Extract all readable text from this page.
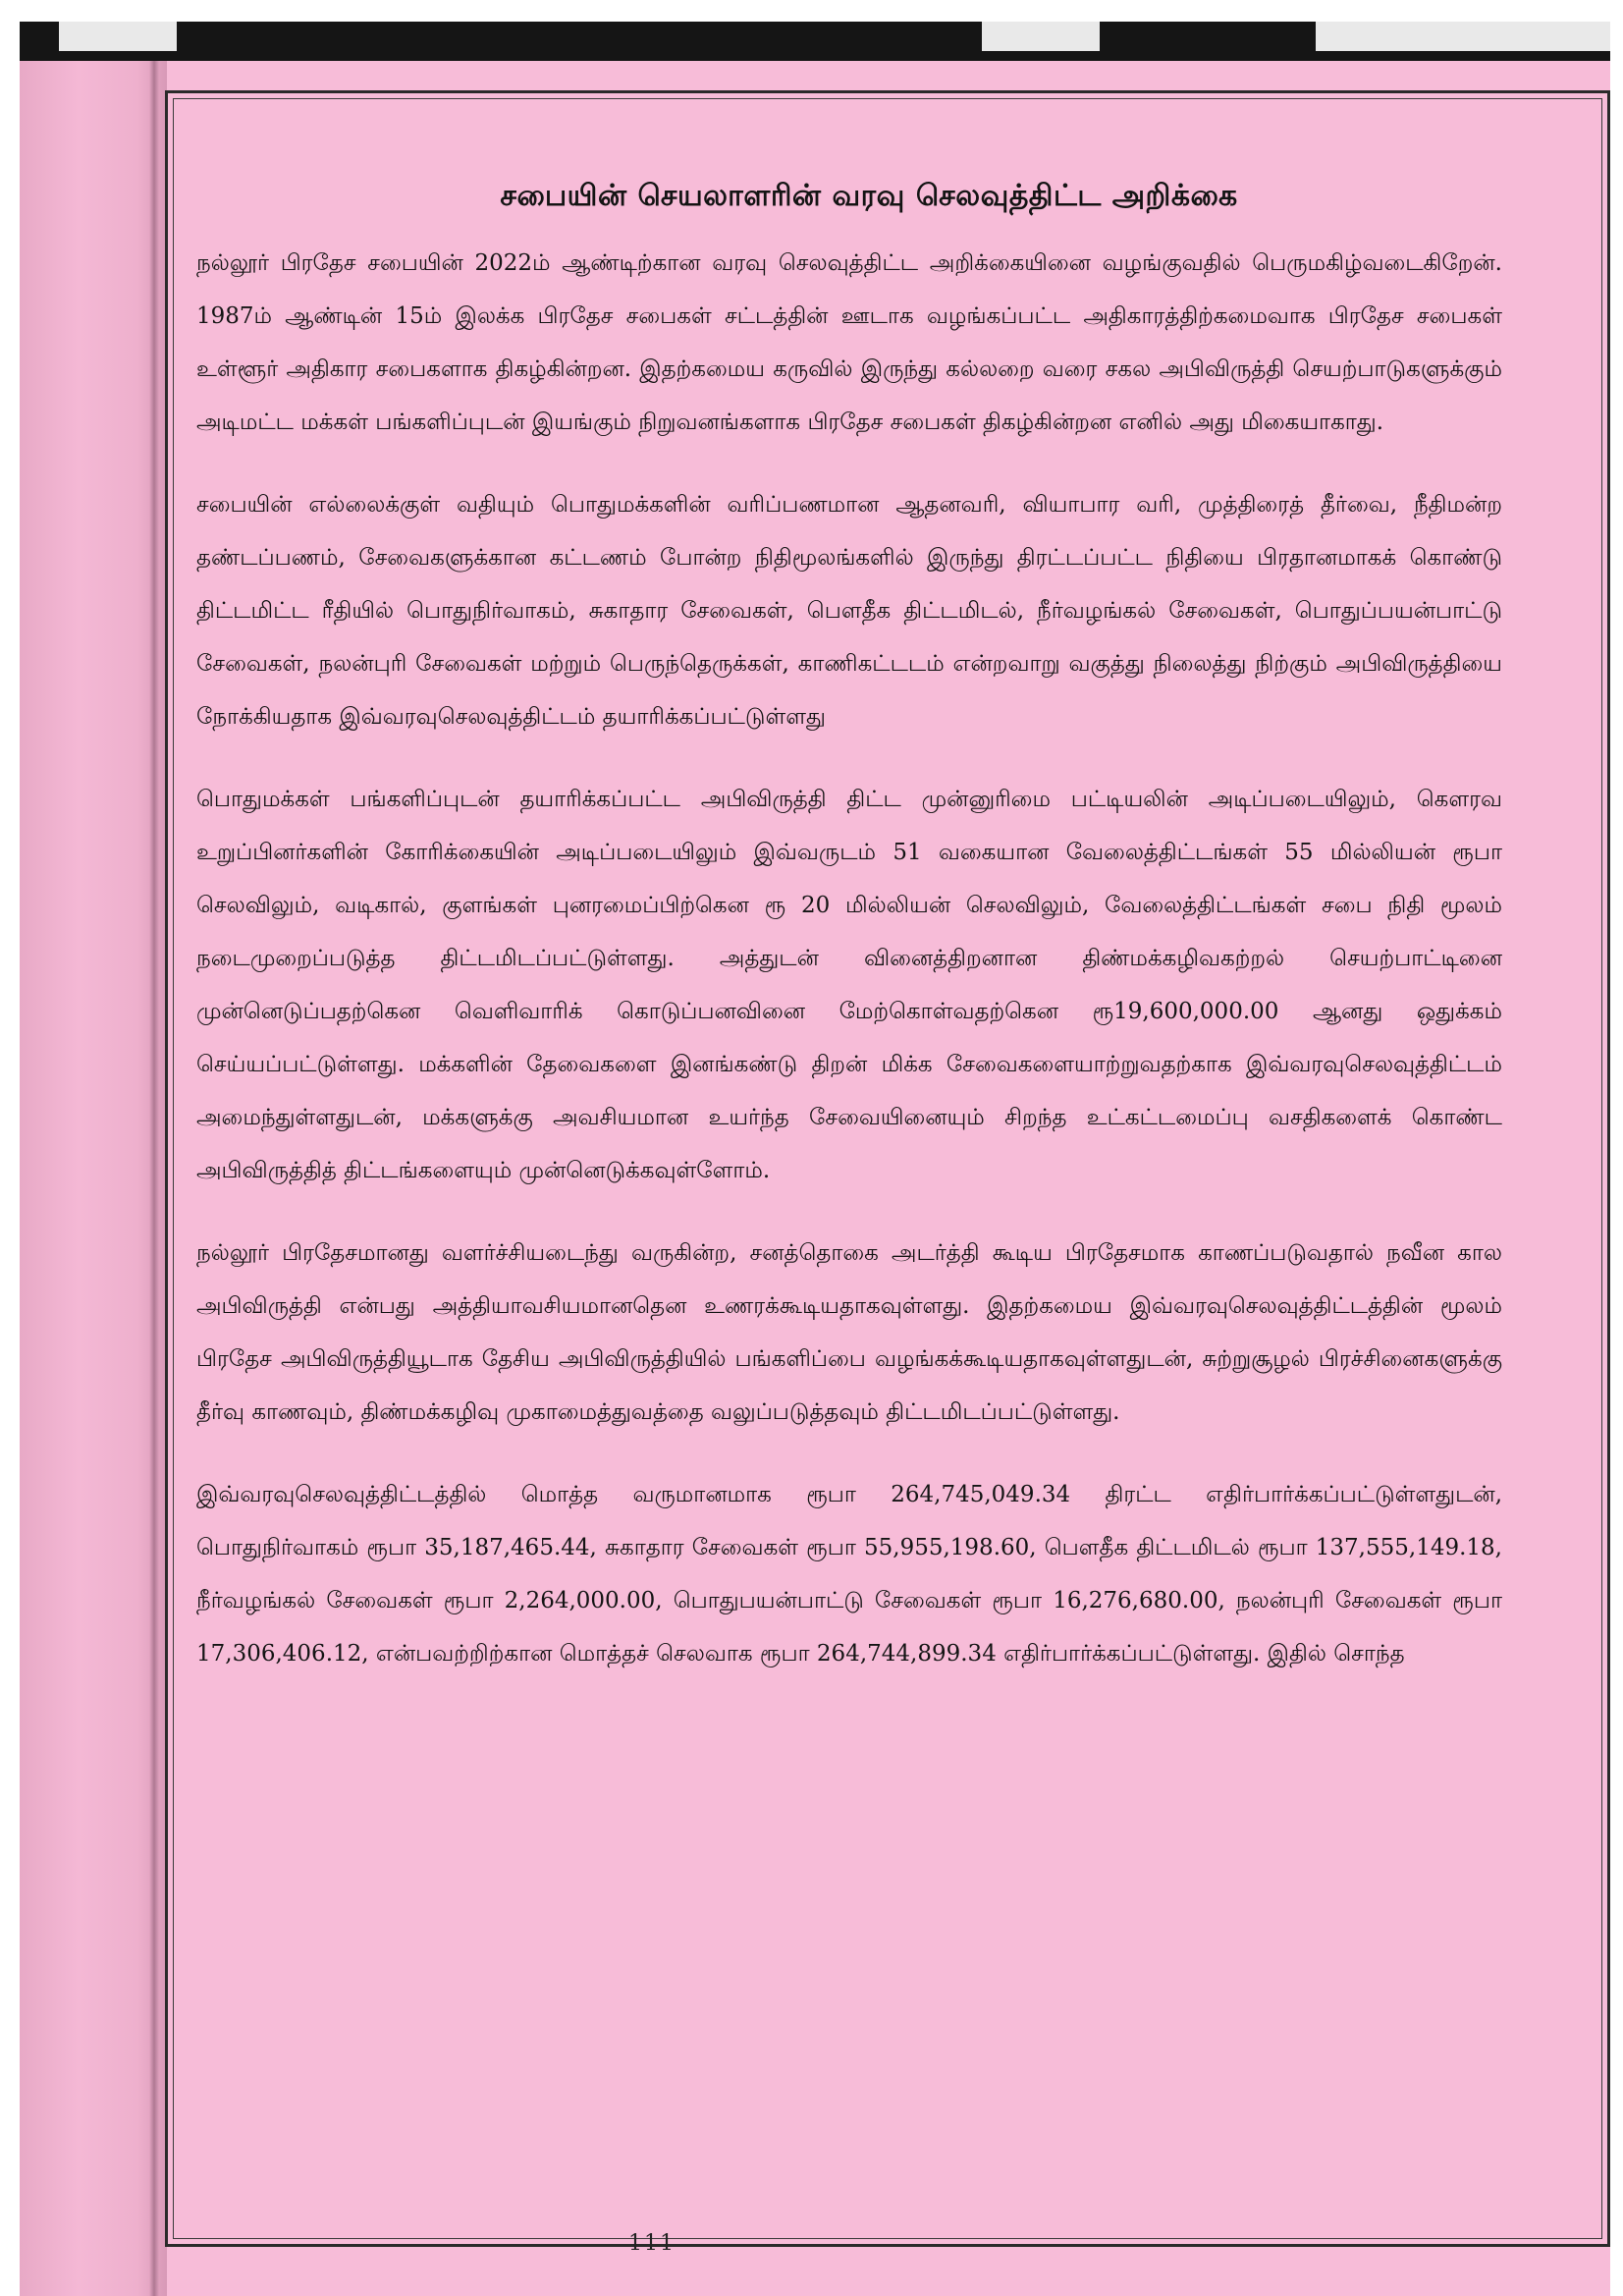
சபையின் செயலாளரின் வரவு செலவுத்திட்ட அறிக்கை

நல்லூர் பிரதேச சபையின் 2022ம் ஆண்டிற்கான வரவு செலவுத்திட்ட அறிக்கையினை வழங்குவதில் பெருமகிழ்வடைகிறேன். 1987ம் ஆண்டின் 15ம் இலக்க பிரதேச சபைகள் சட்டத்தின் ஊடாக வழங்கப்பட்ட அதிகாரத்திற்கமைவாக பிரதேச சபைகள் உள்ளூர் அதிகார சபைகளாக திகழ்கின்றன. இதற்கமைய கருவில் இருந்து கல்லறை வரை சகல அபிவிருத்தி செயற்பாடுகளுக்கும் அடிமட்ட மக்கள் பங்களிப்புடன் இயங்கும் நிறுவனங்களாக பிரதேச சபைகள் திகழ்கின்றன எனில் அது மிகையாகாது.

சபையின் எல்லைக்குள் வதியும் பொதுமக்களின் வரிப்பணமான ஆதனவரி, வியாபார வரி, முத்திரைத் தீர்வை, நீதிமன்ற தண்டப்பணம், சேவைகளுக்கான கட்டணம் போன்ற நிதிமூலங்களில் இருந்து திரட்டப்பட்ட நிதியை பிரதானமாகக் கொண்டு திட்டமிட்ட ரீதியில் பொதுநிர்வாகம், சுகாதார சேவைகள், பௌதீக திட்டமிடல், நீர்வழங்கல் சேவைகள், பொதுப்பயன்பாட்டு சேவைகள், நலன்புரி சேவைகள் மற்றும் பெருந்தெருக்கள், காணிகட்டடம் என்றவாறு வகுத்து நிலைத்து நிற்கும் அபிவிருத்தியை நோக்கியதாக இவ்வரவுசெலவுத்திட்டம் தயாரிக்கப்பட்டுள்ளது

பொதுமக்கள் பங்களிப்புடன் தயாரிக்கப்பட்ட அபிவிருத்தி திட்ட முன்னுரிமை பட்டியலின் அடிப்படையிலும், கௌரவ உறுப்பினர்களின் கோரிக்கையின் அடிப்படையிலும் இவ்வருடம் 51 வகையான வேலைத்திட்டங்கள் 55 மில்லியன் ரூபா செலவிலும், வடிகால், குளங்கள் புனரமைப்பிற்கென ரூ 20 மில்லியன் செலவிலும், வேலைத்திட்டங்கள் சபை நிதி மூலம் நடைமுறைப்படுத்த திட்டமிடப்பட்டுள்ளது. அத்துடன் வினைத்திறனான திண்மக்கழிவகற்றல் செயற்பாட்டினை முன்னெடுப்பதற்கென வெளிவாரிக் கொடுப்பனவினை மேற்கொள்வதற்கென ரூ19,600,000.00 ஆனது ஒதுக்கம் செய்யப்பட்டுள்ளது. மக்களின் தேவைகளை இனங்கண்டு திறன் மிக்க சேவைகளையாற்றுவதற்காக இவ்வரவுசெலவுத்திட்டம் அமைந்துள்ளதுடன், மக்களுக்கு அவசியமான உயர்ந்த சேவையினையும் சிறந்த உட்கட்டமைப்பு வசதிகளைக் கொண்ட அபிவிருத்தித் திட்டங்களையும் முன்னெடுக்கவுள்ளோம்.

நல்லூர் பிரதேசமானது வளர்ச்சியடைந்து வருகின்ற, சனத்தொகை அடர்த்தி கூடிய பிரதேசமாக காணப்படுவதால் நவீன கால அபிவிருத்தி என்பது அத்தியாவசியமானதென உணரக்கூடியதாகவுள்ளது. இதற்கமைய இவ்வரவுசெலவுத்திட்டத்தின் மூலம் பிரதேச அபிவிருத்தியூடாக தேசிய அபிவிருத்தியில் பங்களிப்பை வழங்கக்கூடியதாகவுள்ளதுடன், சுற்றுசூழல் பிரச்சினைகளுக்கு தீர்வு காணவும், திண்மக்கழிவு முகாமைத்துவத்தை வலுப்படுத்தவும் திட்டமிடப்பட்டுள்ளது.

இவ்வரவுசெலவுத்திட்டத்தில் மொத்த வருமானமாக ரூபா 264,745,049.34 திரட்ட எதிர்பார்க்கப்பட்டுள்ளதுடன், பொதுநிர்வாகம் ரூபா 35,187,465.44, சுகாதார சேவைகள் ரூபா 55,955,198.60, பௌதீக திட்டமிடல் ரூபா 137,555,149.18, நீர்வழங்கல் சேவைகள் ரூபா 2,264,000.00, பொதுபயன்பாட்டு சேவைகள் ரூபா 16,276,680.00, நலன்புரி சேவைகள் ரூபா 17,306,406.12, என்பவற்றிற்கான மொத்தச் செலவாக ரூபா 264,744,899.34 எதிர்பார்க்கப்பட்டுள்ளது. இதில் சொந்த

111
